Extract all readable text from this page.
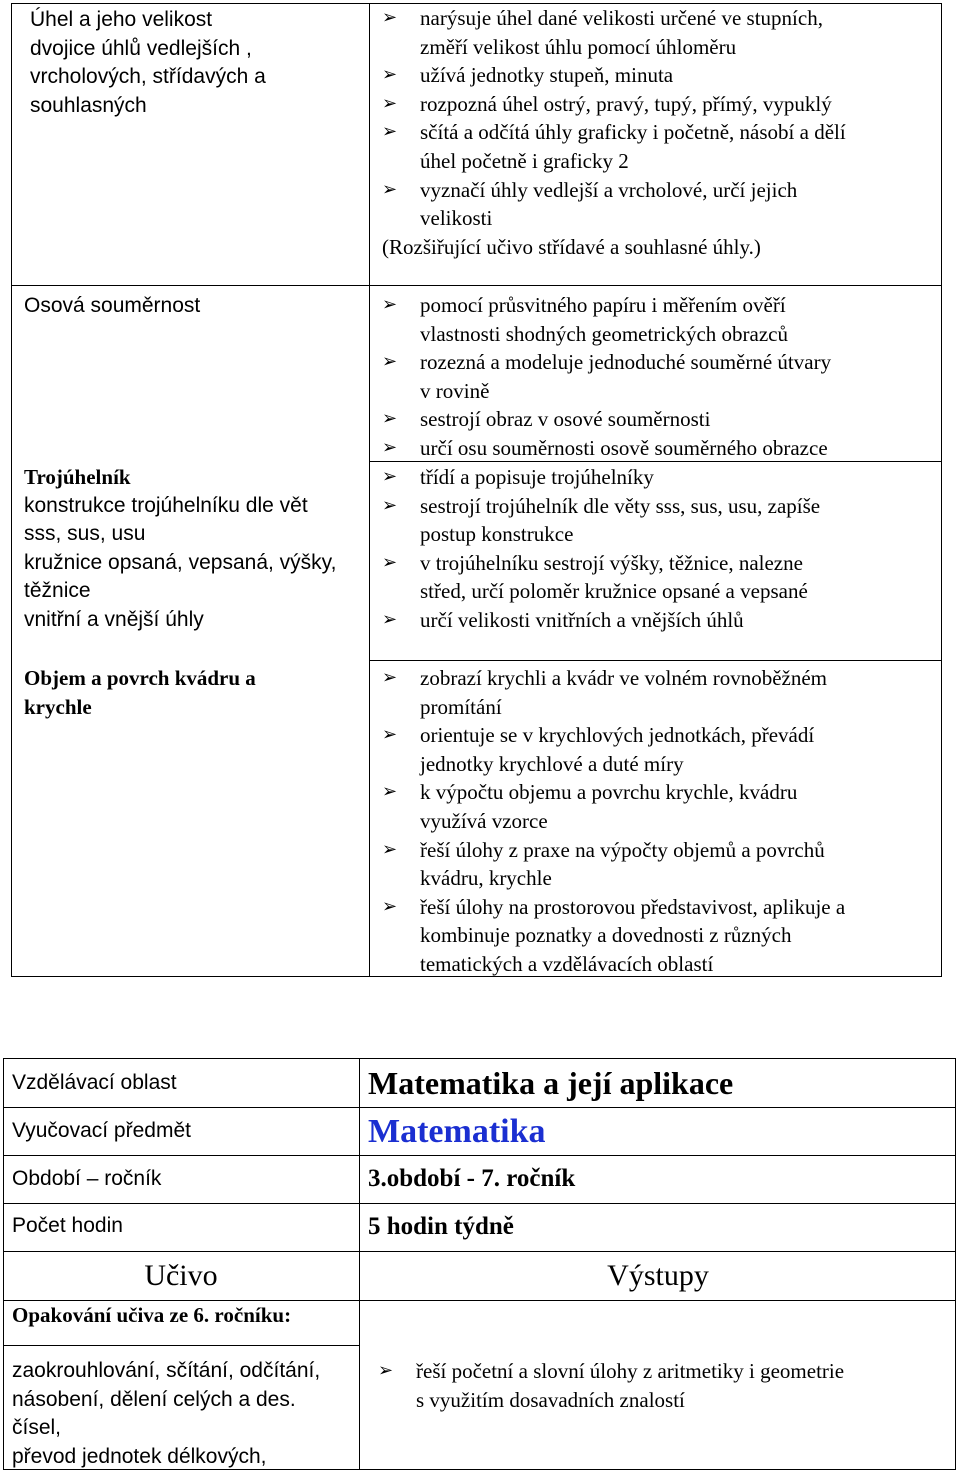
Úhel a jeho velikost
dvojice úhlů vedlejších ,
vrcholových, střídavých a
souhlasných
➢ narýsuje úhel dané velikosti určené ve stupních,
změří velikost úhlu pomocí úhloměru
➢ užívá jednotky stupeň, minuta
➢ rozpozná úhel ostrý, pravý, tupý, přímý, vypuklý
➢ sčítá a odčítá úhly graficky i početně, násobí a dělí
úhel početně i graficky 2
➢ vyznačí úhly vedlejší a vrcholové, určí jejich
velikosti
(Rozšiřující učivo střídavé a souhlasné úhly.)
Osová souměrnost	➢ pomocí průsvitného papíru i měřením ověří
vlastnosti shodných geometrických obrazců
➢ rozezná a modeluje jednoduché souměrné útvary
v rovině
➢ sestrojí obraz v osové souměrnosti
➢ určí osu souměrnosti osově souměrného obrazce
Trojúhelník
konstrukce trojúhelníku dle vět
sss, sus, usu
kružnice opsaná, vepsaná, výšky,
těžnice
vnitřní a vnější úhly
➢ třídí a popisuje trojúhelníky
➢ sestrojí trojúhelník dle věty sss, sus, usu, zapíše
postup konstrukce
➢ v trojúhelníku sestrojí výšky, těžnice, nalezne
střed, určí poloměr kružnice opsané a vepsané
➢ určí velikosti vnitřních a vnějších úhlů
Objem a povrch kvádru a
krychle
➢ zobrazí krychli a kvádr ve volném rovnoběžném
promítání
➢ orientuje se v krychlových jednotkách, převádí
jednotky krychlové a duté míry
➢ k výpočtu objemu a povrchu krychle, kvádru
využívá vzorce
➢ řeší úlohy z praxe na výpočty objemů a povrchů
kvádru, krychle
➢ řeší úlohy na prostorovou představivost, aplikuje a
kombinuje poznatky a dovednosti z různých
tematických a vzdělávacích oblastí
Vzdělávací oblast
Vyučovací předmět
Období – ročník
Počet hodin
Matematika a její aplikace
Matematika
3.období - 7. ročník
5 hodin týdně
Učivo	Výstupy
Opakování učiva ze 6. ročníku:
zaokrouhlování, sčítání, odčítání,
násobení, dělení celých a des.
čísel,
převod jednotek délkových,
➢ řeší početní a slovní úlohy z aritmetiky i geometrie
s využitím dosavadních znalostí
